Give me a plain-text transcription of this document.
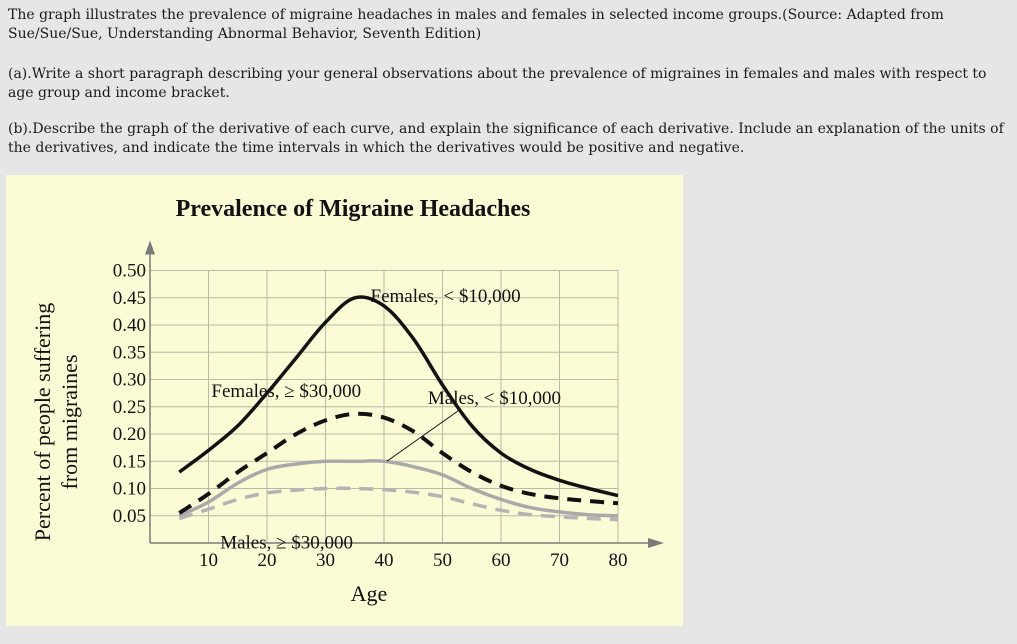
The graph illustrates the prevalence of migraine headaches in males and females in selected income groups.(Source: Adapted from Sue/Sue/Sue, Understanding Abnormal Behavior, Seventh Edition)
(a).Write a short paragraph describing your general observations about the prevalence of migraines in females and males with respect to age group and income bracket.
(b).Describe the graph of the derivative of each curve, and explain the significance of each derivative. Include an explanation of the units of the derivatives, and indicate the time intervals in which the derivatives would be positive and negative.
Prevalence of Migraine Headaches
10 20 30 40 50 60 70 80
0.05
0.10
0.15
0.20
0.25
0.30
0.35
0.40
0.45
0.50
Age
Percent of people suffering from migraines
Females, < $10,000
Females, ≥ $30,000	Males, < $10,000
Males, ≥ $30,000
